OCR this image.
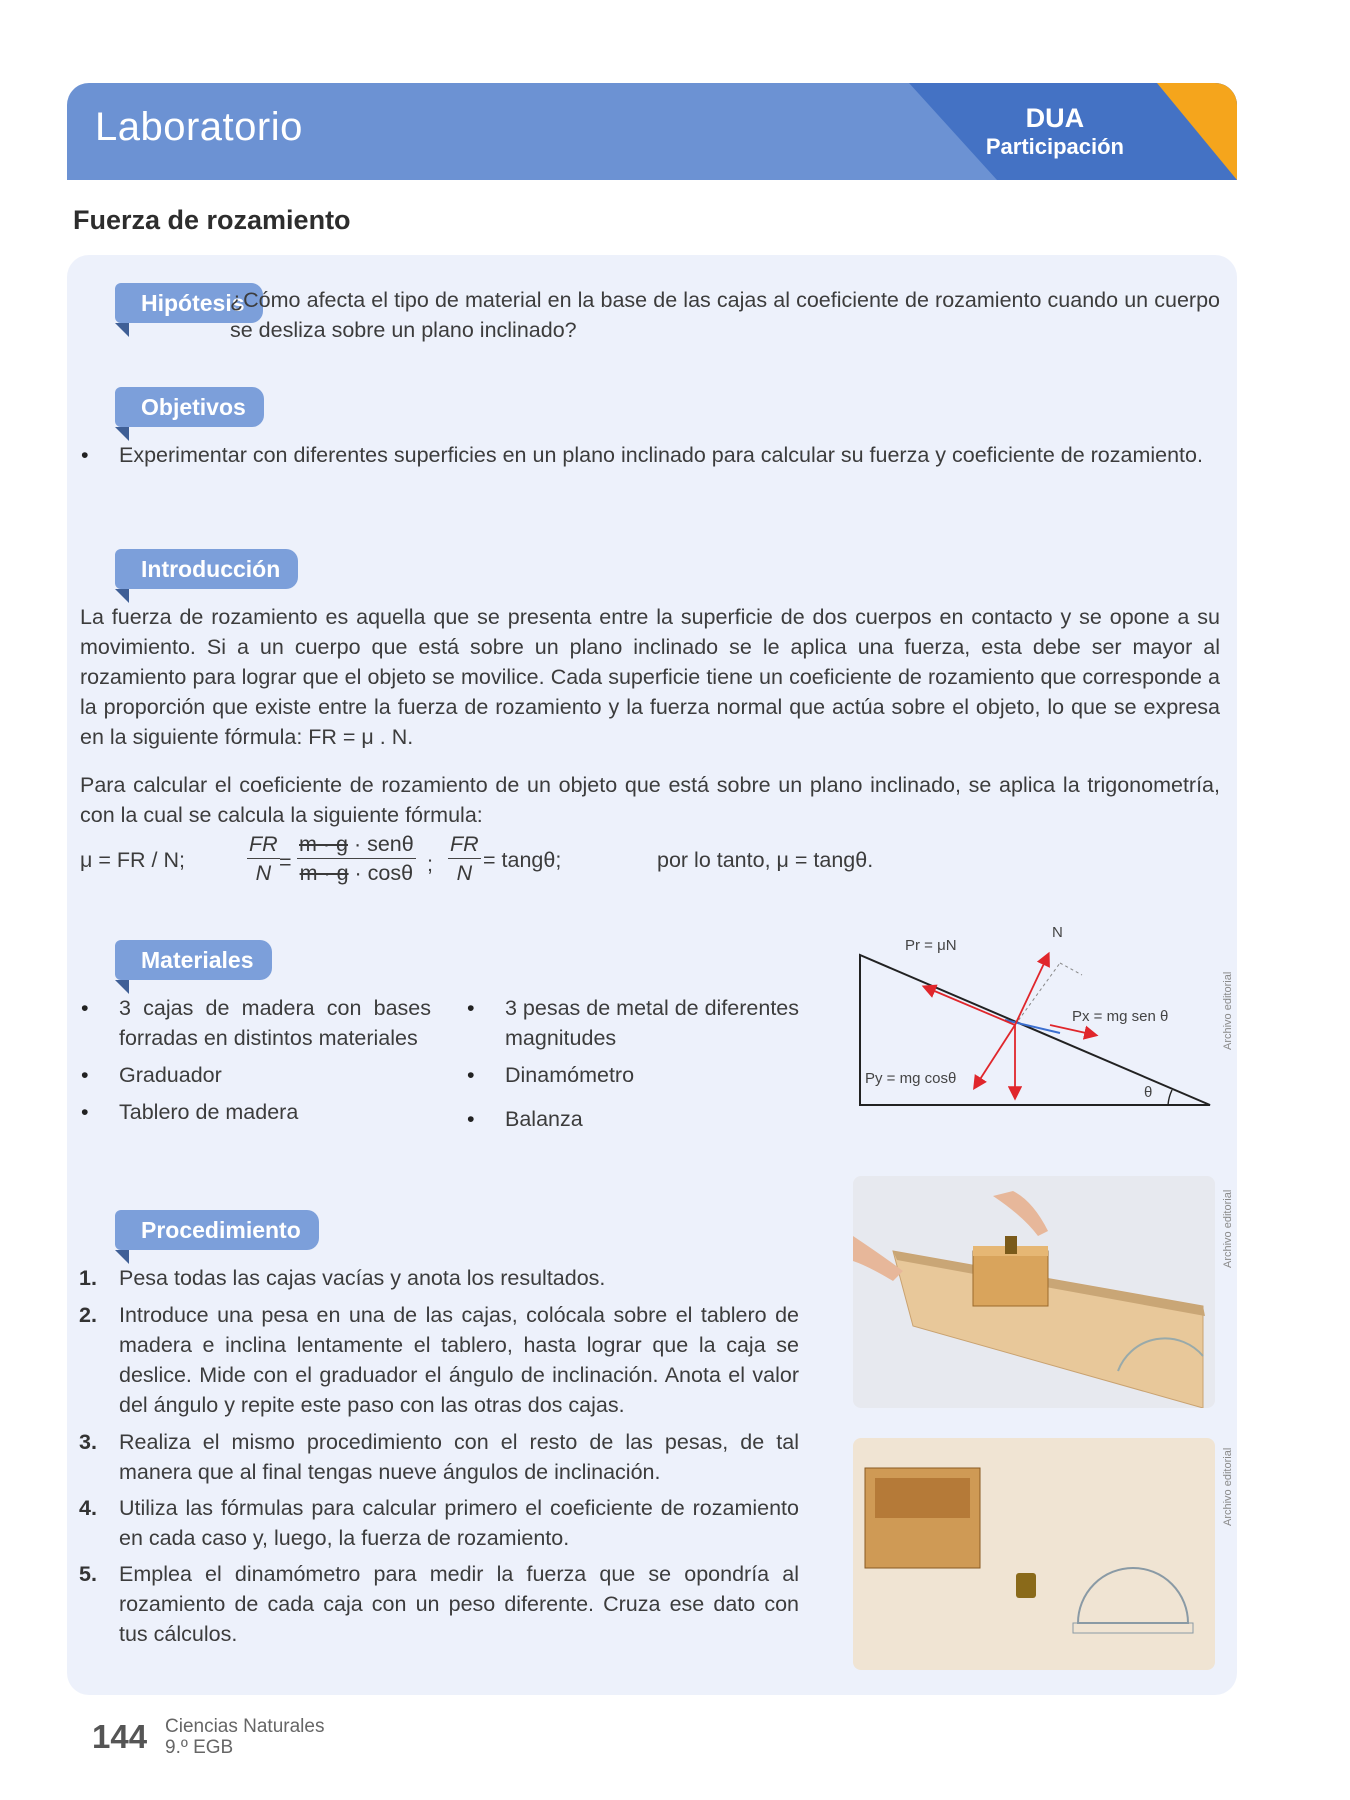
Laboratorio	DUA
Participación
Fuerza de rozamiento
Hipótesis
¿Cómo afecta el tipo de material en la base de las cajas al coeficiente de rozamiento cuando un cuerpo se desliza sobre un plano inclinado?
Objetivos
• Experimentar con diferentes superficies en un plano inclinado para calcular su fuerza y coeficiente de rozamiento.
Introducción
La fuerza de rozamiento es aquella que se presenta entre la superficie de dos cuerpos en contacto y se opone a su movimiento. Si a un cuerpo que está sobre un plano inclinado se le aplica una fuerza, esta debe ser mayor al rozamiento para lograr que el objeto se movilice. Cada superficie tiene un coeficiente de rozamiento que corresponde a la proporción que existe entre la fuerza de rozamiento y la fuerza normal que actúa sobre el objeto, lo que se expresa en la siguiente fórmula: FR = μ . N.
Para calcular el coeficiente de rozamiento de un objeto que está sobre un plano inclinado, se aplica la trigonometría, con la cual se calcula la siguiente fórmula:
μ = FR / N;	$\frac{FR}{N}$ =
m · g · senθ
m · g · cosθ ; $\frac{FR}{N} = \tan g\theta$;	por lo tanto, μ = tangθ.
Materiales
• 3 cajas de madera con bases forradas en distintos materiales
• Graduador
• Tablero de madera
• 3 pesas de metal de diferentes magnitudes
• Dinamómetro
• Balanza
Procedimiento
1. Pesa todas las cajas vacías y anota los resultados.
2. Introduce una pesa en una de las cajas, colócala sobre el tablero de madera e inclina lentamente el tablero, hasta lograr que la caja se deslice. Mide con el graduador el ángulo de inclinación. Anota el valor del ángulo y repite este paso con las otras dos cajas.
3. Realiza el mismo procedimiento con el resto de las pesas, de tal manera que al final tengas nueve ángulos de inclinación.
4. Utiliza las fórmulas para calcular primero el coeficiente de rozamiento en cada caso y, luego, la fuerza de rozamiento.
5. Emplea el dinamómetro para medir la fuerza que se opondría al rozamiento de cada caja con un peso diferente. Cruza ese dato con tus cálculos.
Pr = μN
N
Px = mg sen θ
Py = mg cosθ
θ
Archivo editorial
Archivo editorial
Archivo editorial
144 Ciencias Naturales
9.º EGB
